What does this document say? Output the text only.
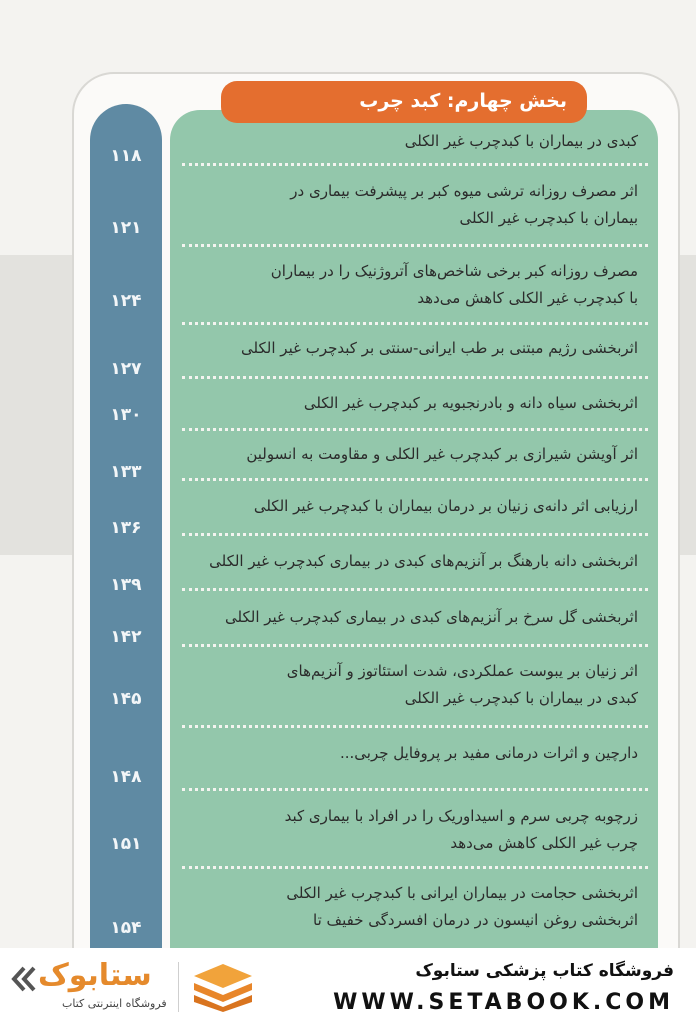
بخش چهارم: کبد چرب
کبدی در بیماران با کبدچرب غیر الکلی
۱۱۸
اثر مصرف روزانه ترشی میوه کبر بر پیشرفت بیماری در
بیماران با کبدچرب غیر الکلی
۱۲۱
مصرف روزانه کبر برخی شاخص‌های آتروژنیک را در بیماران
با کبدچرب غیر الکلی کاهش می‌دهد
۱۲۴
اثربخشی رژیم مبتنی بر طب ایرانی-سنتی بر کبدچرب غیر الکلی
۱۲۷
اثربخشی سیاه دانه و بادرنجبویه بر کبدچرب غیر الکلی
۱۳۰
اثر آویشن شیرازی بر کبدچرب غیر الکلی و مقاومت به انسولین
۱۳۳
ارزیابی اثر دانه‌ی زنیان بر درمان بیماران با کبدچرب غیر الکلی
۱۳۶
اثربخشی دانه بارهنگ بر آنزیم‌های کبدی در بیماری کبدچرب غیر الکلی
۱۳۹
اثربخشی گل سرخ بر آنزیم‌های کبدی در بیماری کبدچرب غیر الکلی
۱۴۲
اثر زنیان بر یبوست عملکردی، شدت استئاتوز و آنزیم‌های
کبدی در بیماران با کبدچرب غیر الکلی
۱۴۵
دارچین و اثرات درمانی مفید بر پروفایل چربی...
۱۴۸
زرچوبه چربی سرم و اسیداوریک را در افراد با بیماری کبد
چرب غیر الکلی کاهش می‌دهد
۱۵۱
اثربخشی حجامت در بیماران ایرانی با کبدچرب غیر الکلی
اثربخشی روغن انیسون در درمان افسردگی خفیف تا
۱۵۴
فروشگاه کتاب پزشکی ستابوک
WWW.SETABOOK.COM
ستابوک
فروشگاه اینترنتی کتاب
